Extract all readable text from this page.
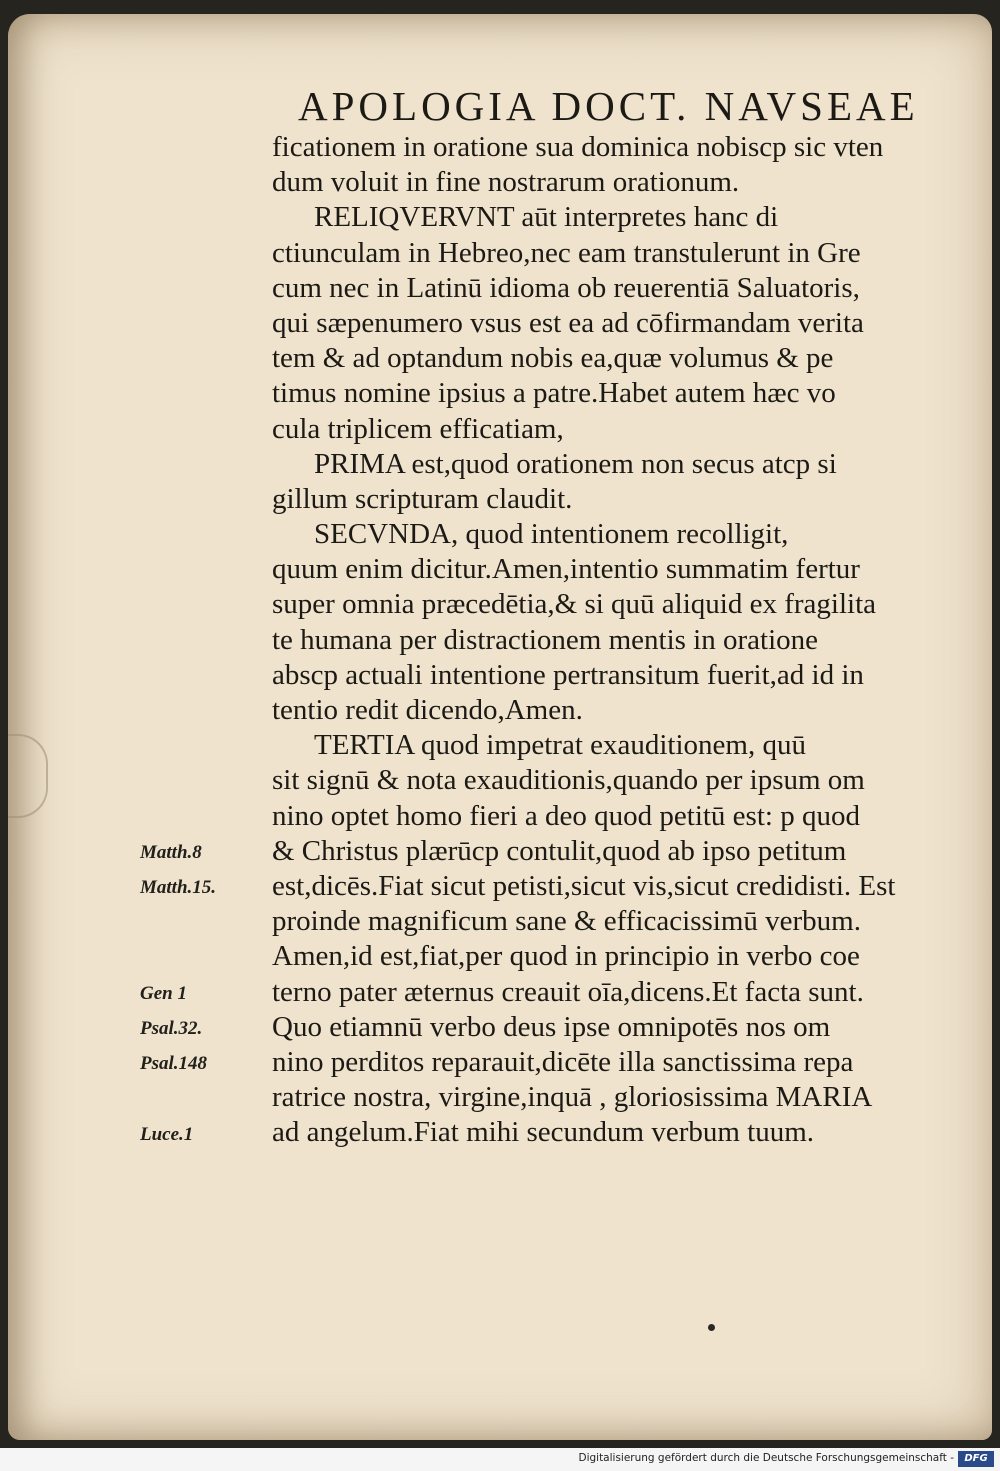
APOLOGIA DOCT. NAVSEAE
ficationem in oratione sua dominica nobiscp sic vten
dum voluit in fine nostrarum orationum.
RELIQVERVNT aūt interpretes hanc di
ctiunculam in Hebreo,nec eam transtulerunt in Gre
cum nec in Latinū idioma ob reuerentiā Saluatoris,
qui sæpenumero vsus est ea ad cōfirmandam verita
tem & ad optandum nobis ea,quæ volumus & pe
timus nomine ipsius a patre.Habet autem hæc vo
cula triplicem efficatiam,
PRIMA est,quod orationem non secus atcp si
gillum scripturam claudit.
SECVNDA, quod intentionem recolligit,
quum enim dicitur.Amen,intentio summatim fertur
super omnia præcedētia,& si quū aliquid ex fragilita
te humana per distractionem mentis in oratione
abscp actuali intentione pertransitum fuerit,ad id in
tentio redit dicendo,Amen.
TERTIA quod impetrat exauditionem, quū
sit signū & nota exauditionis,quando per ipsum om
nino optet homo fieri a deo quod petitū est: p quod
& Christus plærūcp contulit,quod ab ipso petitum
est,dicēs.Fiat sicut petisti,sicut vis,sicut credidisti. Est
proinde magnificum sane & efficacissimū verbum.
Amen,id est,fiat,per quod in principio in verbo coe
terno pater æternus creauit oīa,dicens.Et facta sunt.
Quo etiamnū verbo deus ipse omnipotēs nos om
nino perditos reparauit,dicēte illa sanctissima repa
ratrice nostra, virgine,inquā , gloriosissima MARIA
ad angelum.Fiat mihi secundum verbum tuum.
Matth.8
Matth.15.
Gen 1
Psal.32.
Psal.148
Luce.1
Digitalisierung gefördert durch die Deutsche Forschungsgemeinschaft -	DFG
